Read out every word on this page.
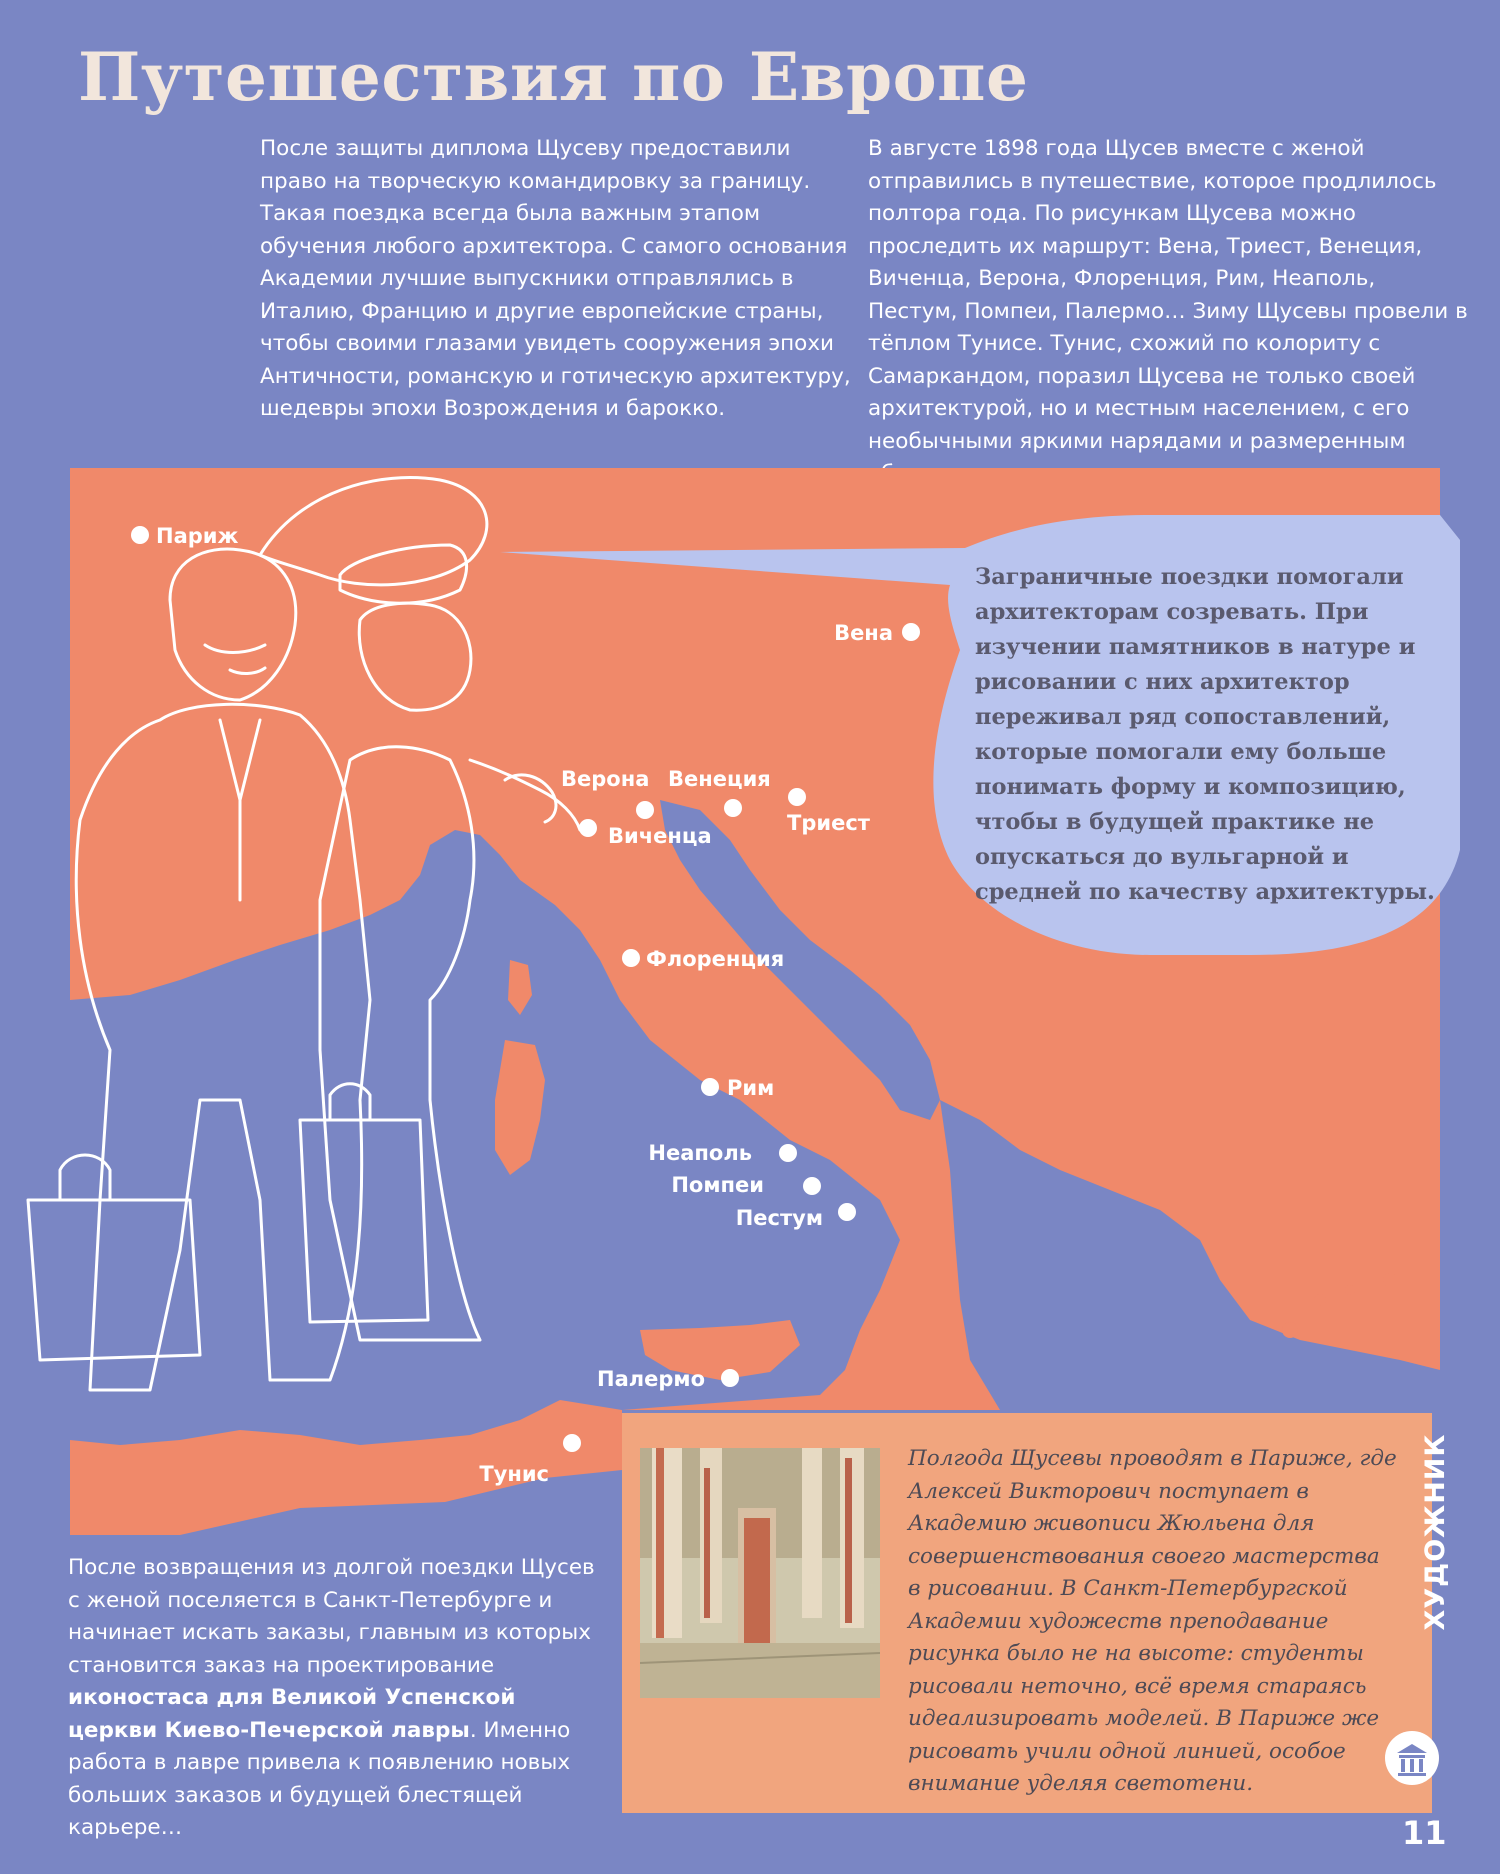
Путешествия по Европе

После защиты диплома Щусеву предоставили право на творческую командировку за границу. Такая поездка всегда была важным этапом обучения любого архитектора. С самого основания Академии лучшие выпускники отправлялись в Италию, Францию и другие европейские страны, чтобы своими глазами увидеть сооружения эпохи Античности, романскую и готическую архитектуру, шедевры эпохи Возрождения и барокко.

В августе 1898 года Щусев вместе с женой отправились в путешествие, которое продлилось полтора года. По рисункам Щусева можно проследить их маршрут: Вена, Триест, Венеция, Виченца, Верона, Флоренция, Рим, Неаполь, Пестум, Помпеи, Палермо… Зиму Щусевы провели в тёплом Тунисе. Тунис, схожий по колориту с Самаркандом, поразил Щусева не только своей архитектурой, но и местным населением, с его необычными яркими нарядами и размеренным

Париж
Вена
Верона Венеция
Виченца
Триест
Флоренция
Рим
Неаполь
Помпеи
Пестум
Палермо
Тунис

Заграничные поездки помогали архитекторам созревать. При изучении памятников в натуре и рисовании с них архитектор переживал ряд сопоставлений, которые помогали ему больше понимать форму и композицию, чтобы в будущей практике не опускаться до вульгарной и средней по качеству архитектуры.

После возвращения из долгой поездки Щусев с женой поселяется в Санкт-Петербурге и начинает искать заказы, главным из которых становится заказ на проектирование иконостаса для Великой Успенской церкви Киево-Печерской лавры. Именно работа в лавре привела к появлению новых больших заказов и будущей блестящей карьере…

Полгода Щусевы проводят в Париже, где Алексей Викторович поступает в Академию живописи Жюльена для совершенствования своего мастерства в рисовании. В Санкт-Петербургской Академии художеств преподавание рисунка было не на высоте: студенты рисовали неточно, всё время стараясь идеализировать моделей. В Париже же рисовать учили одной линией, особое внимание уделяя светотени.

ХУДОЖНИК

11
